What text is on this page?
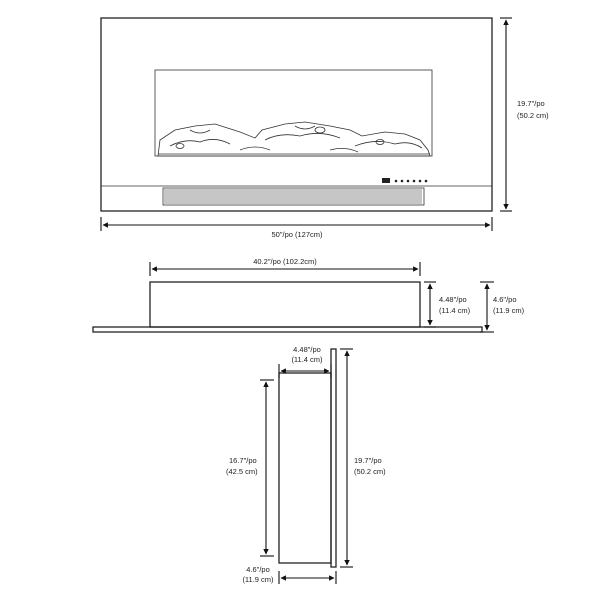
19.7"/po
(50.2 cm)
50"/po (127cm)
40.2"/po (102.2cm)
4.48"/po
(11.4 cm)
4.6"/po
(11.9 cm)
4.48"/po
(11.4 cm)
16.7"/po
(42.5 cm)
19.7"/po
(50.2 cm)
4.6"/po
(11.9 cm)
